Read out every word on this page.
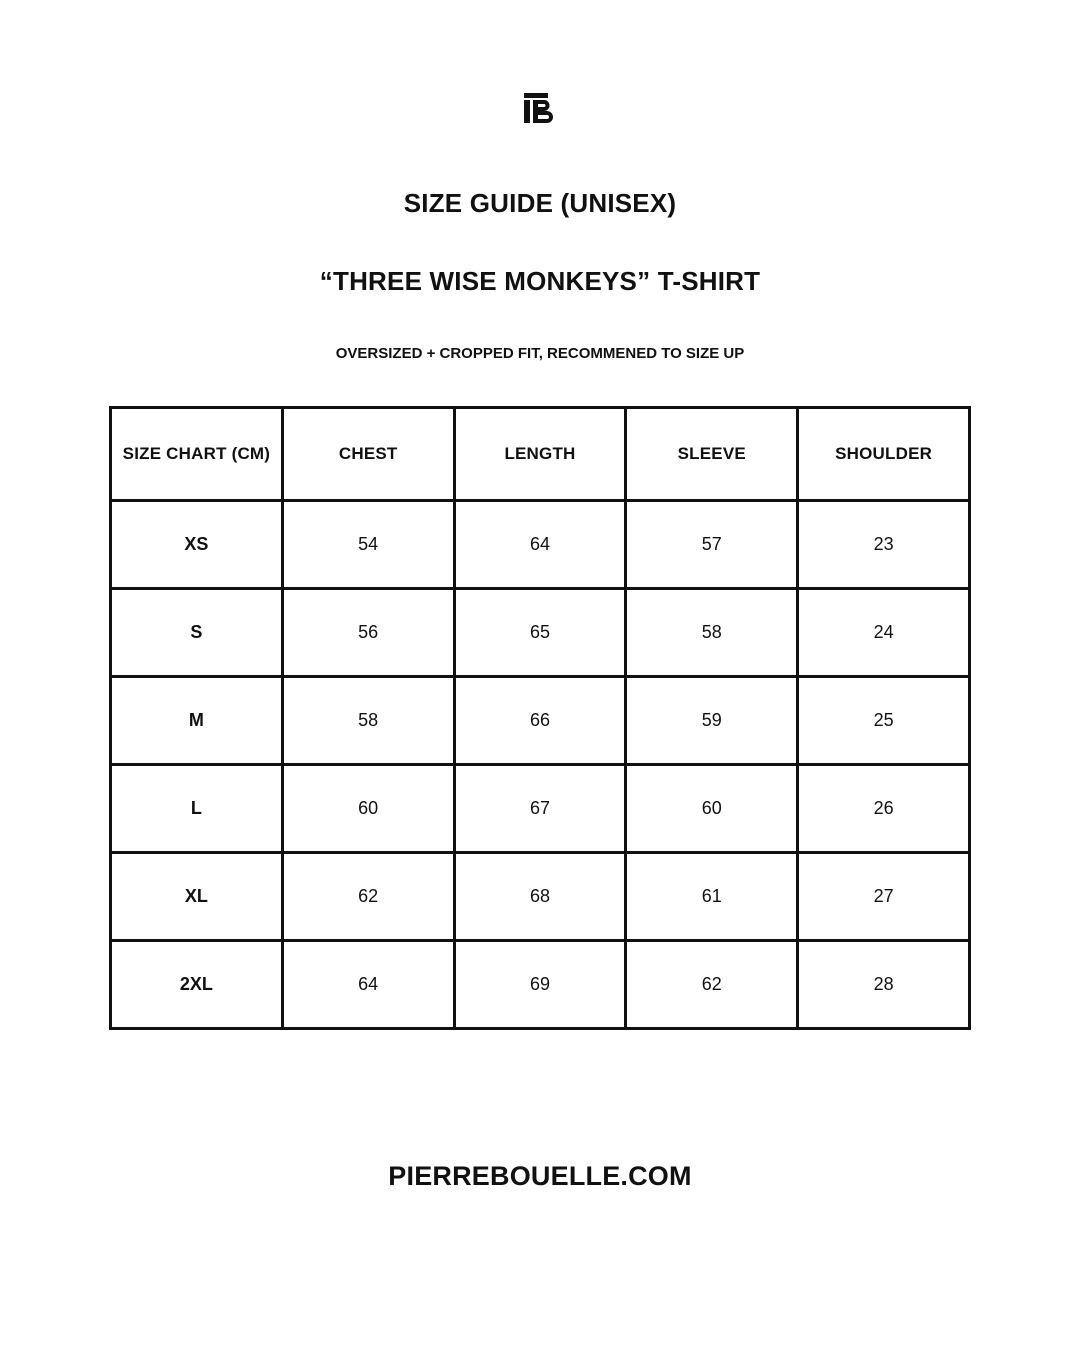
SIZE GUIDE (UNISEX)
“THREE WISE MONKEYS” T-SHIRT
OVERSIZED + CROPPED FIT, RECOMMENED TO SIZE UP
SIZE CHART (CM)	CHEST	LENGTH	SLEEVE	SHOULDER
XS	54	64	57	23
S	56	65	58	24
M	58	66	59	25
L	60	67	60	26
XL	62	68	61	27
2XL	64	69	62	28
PIERREBOUELLE.COM
